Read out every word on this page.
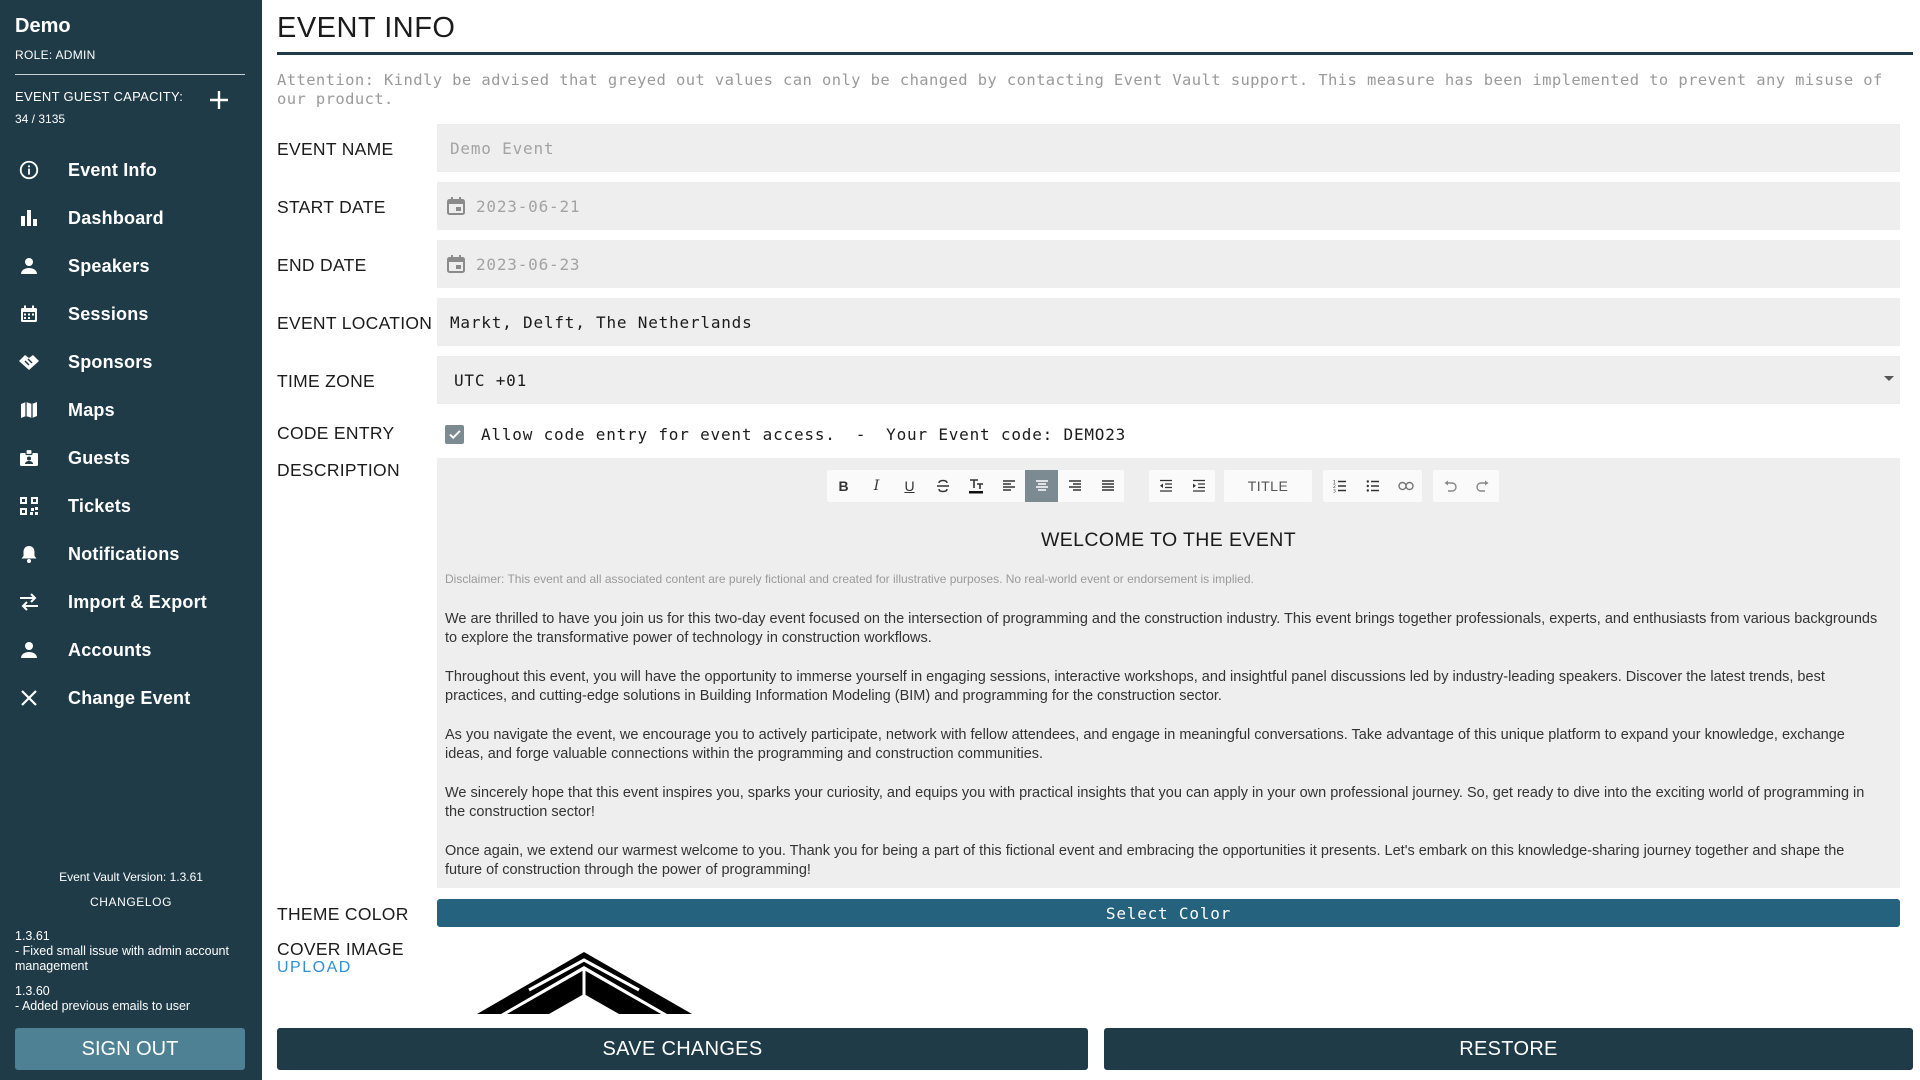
Demo
ROLE: ADMIN
EVENT GUEST CAPACITY:
34 / 3135
Event Info
Dashboard
Speakers
Sessions
Sponsors
Maps
Guests
Tickets
Notifications
Import & Export
Accounts
Change Event
Event Vault Version: 1.3.61
CHANGELOG
1.3.61
- Fixed small issue with admin account management
1.3.60
- Added previous emails to user
SIGN OUT
EVENT INFO
Attention: Kindly be advised that greyed out values can only be changed by contacting Event Vault support. This measure has been implemented to prevent any misuse of our product.
EVENT NAME	Demo Event
START DATE	2023-06-21
END DATE	2023-06-23
EVENT LOCATION	Markt, Delft, The Netherlands
TIME ZONE	UTC +01
CODE ENTRY	Allow code entry for event access. - Your Event code: DEMO23
DESCRIPTION
B	I	U	TITLE	1
2
3
WELCOME TO THE EVENT
Disclaimer: This event and all associated content are purely fictional and created for illustrative purposes. No real-world event or endorsement is implied.

We are thrilled to have you join us for this two-day event focused on the intersection of programming and the construction industry. This event brings together professionals, experts, and enthusiasts from various backgrounds to explore the transformative power of technology in construction workflows.

Throughout this event, you will have the opportunity to immerse yourself in engaging sessions, interactive workshops, and insightful panel discussions led by industry-leading speakers. Discover the latest trends, best practices, and cutting-edge solutions in Building Information Modeling (BIM) and programming for the construction sector.

As you navigate the event, we encourage you to actively participate, network with fellow attendees, and engage in meaningful conversations. Take advantage of this unique platform to expand your knowledge, exchange ideas, and forge valuable connections within the programming and construction communities.

We sincerely hope that this event inspires you, sparks your curiosity, and equips you with practical insights that you can apply in your own professional journey. So, get ready to dive into the exciting world of programming in the construction sector!

Once again, we extend our warmest welcome to you. Thank you for being a part of this fictional event and embracing the opportunities it presents. Let's embark on this knowledge-sharing journey together and shape the future of construction through the power of programming!

THEME COLOR	Select Color
COVER IMAGE
UPLOAD
SAVE CHANGES	RESTORE
